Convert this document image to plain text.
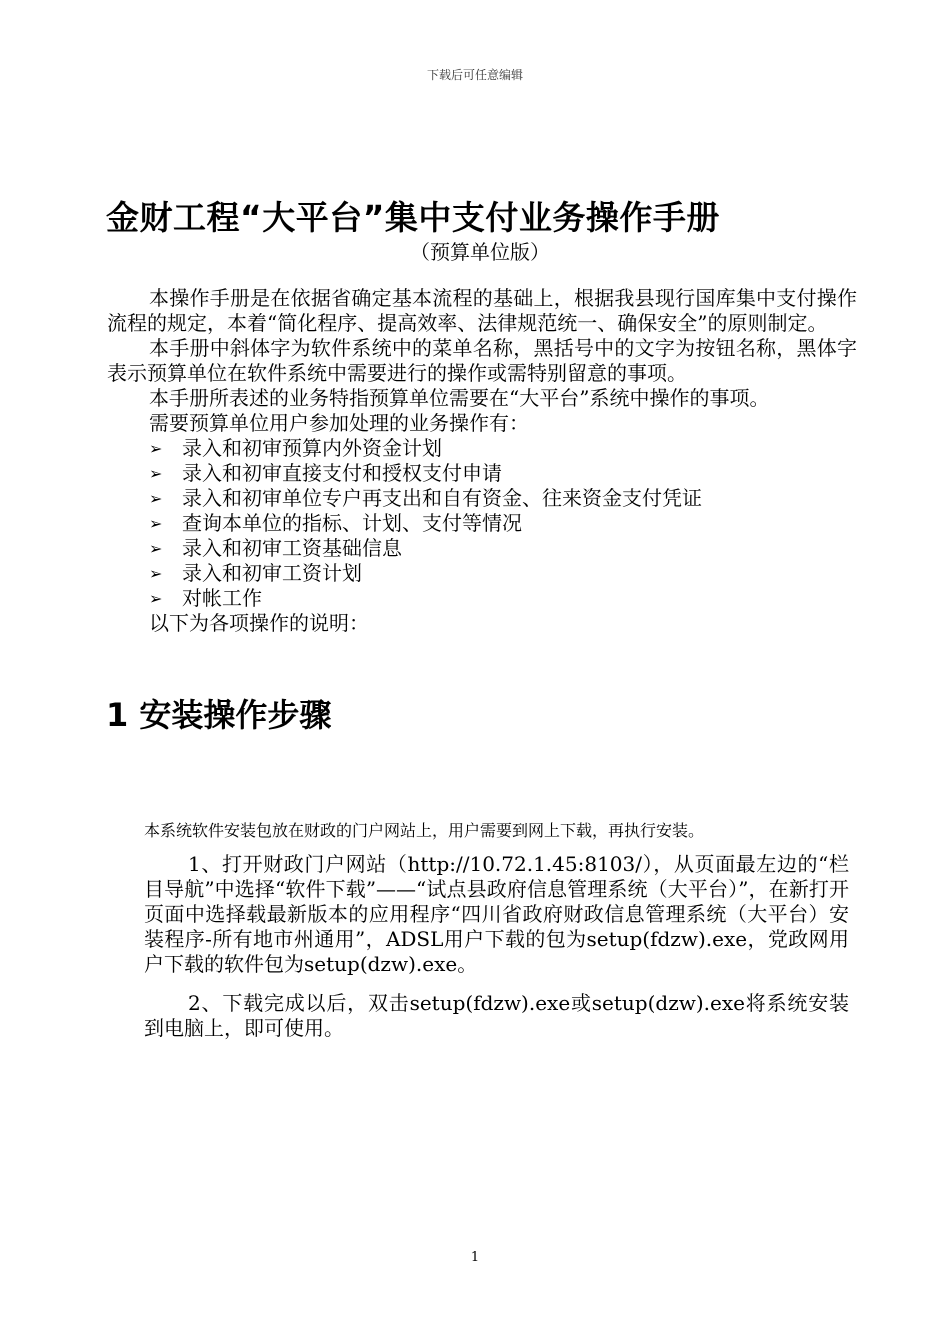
下载后可任意编辑
金财工程“大平台”集中支付业务操作手册
（预算单位版）

本操作手册是在依据省确定基本流程的基础上，根据我县现行国库集中支付操作流程的规定，本着“简化程序、提高效率、法律规范统一、确保安全”的原则制定。

本手册中斜体字为软件系统中的菜单名称，黑括号中的文字为按钮名称，黑体字表示预算单位在软件系统中需要进行的操作或需特别留意的事项。

本手册所表述的业务特指预算单位需要在“大平台”系统中操作的事项。
需要预算单位用户参加处理的业务操作有：
➢ 录入和初审预算内外资金计划
➢ 录入和初审直接支付和授权支付申请
➢ 录入和初审单位专户再支出和自有资金、往来资金支付凭证
➢ 查询本单位的指标、计划、支付等情况
➢ 录入和初审工资基础信息
➢ 录入和初审工资计划
➢ 对帐工作
以下为各项操作的说明：
1 安装操作步骤
本系统软件安装包放在财政的门户网站上，用户需要到网上下载，再执行安装。

1、打开财政门户网站（http://10.72.1.45:8103/），从页面最左边的“栏目导航”中选择“软件下载”——“试点县政府信息管理系统（大平台）”，在新打开页面中选择载最新版本的应用程序“四川省政府财政信息管理系统（大平台）安装程序-所有地市州通用”，ADSL用户下载的包为setup(fdzw).exe，党政网用户下载的软件包为setup(dzw).exe。

2、下载完成以后，双击setup(fdzw).exe或setup(dzw).exe将系统安装到电脑上，即可使用。

1
